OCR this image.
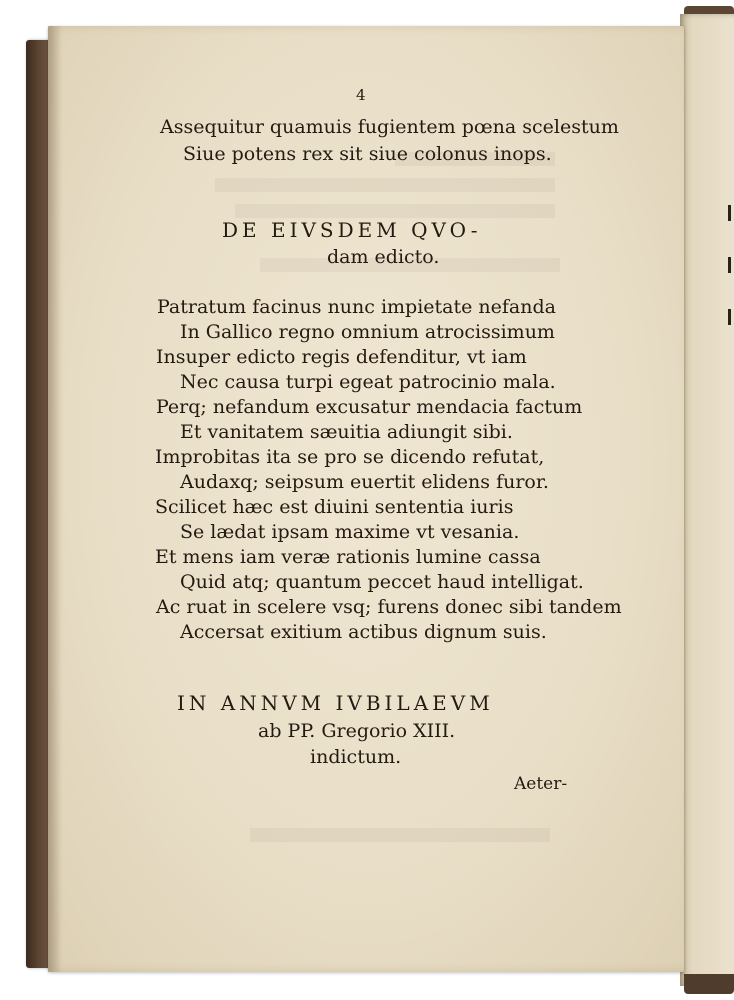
4
Assequitur quamuis fugientem pœna scelestum
Siue potens rex sit siue colonus inops.
DE EIVSDEM QVO-
dam edicto.
Patratum facinus nunc impietate nefanda
In Gallico regno omnium atrocissimum
Insuper edicto regis defenditur, vt iam
Nec causa turpi egeat patrocinio mala.
Perq; nefandum excusatur mendacia factum
Et vanitatem sæuitia adiungit sibi.
Improbitas ita se pro se dicendo refutat,
Audaxq; seipsum euertit elidens furor.
Scilicet hæc est diuini sententia iuris
Se lædat ipsam maxime vt vesania.
Et mens iam veræ rationis lumine cassa
Quid atq; quantum peccet haud intelligat.
Ac ruat in scelere vsq; furens donec sibi tandem
Accersat exitium actibus dignum suis.
IN ANNVM IVBILAEVM
ab PP. Gregorio XIII.
indictum.
Aeter-
